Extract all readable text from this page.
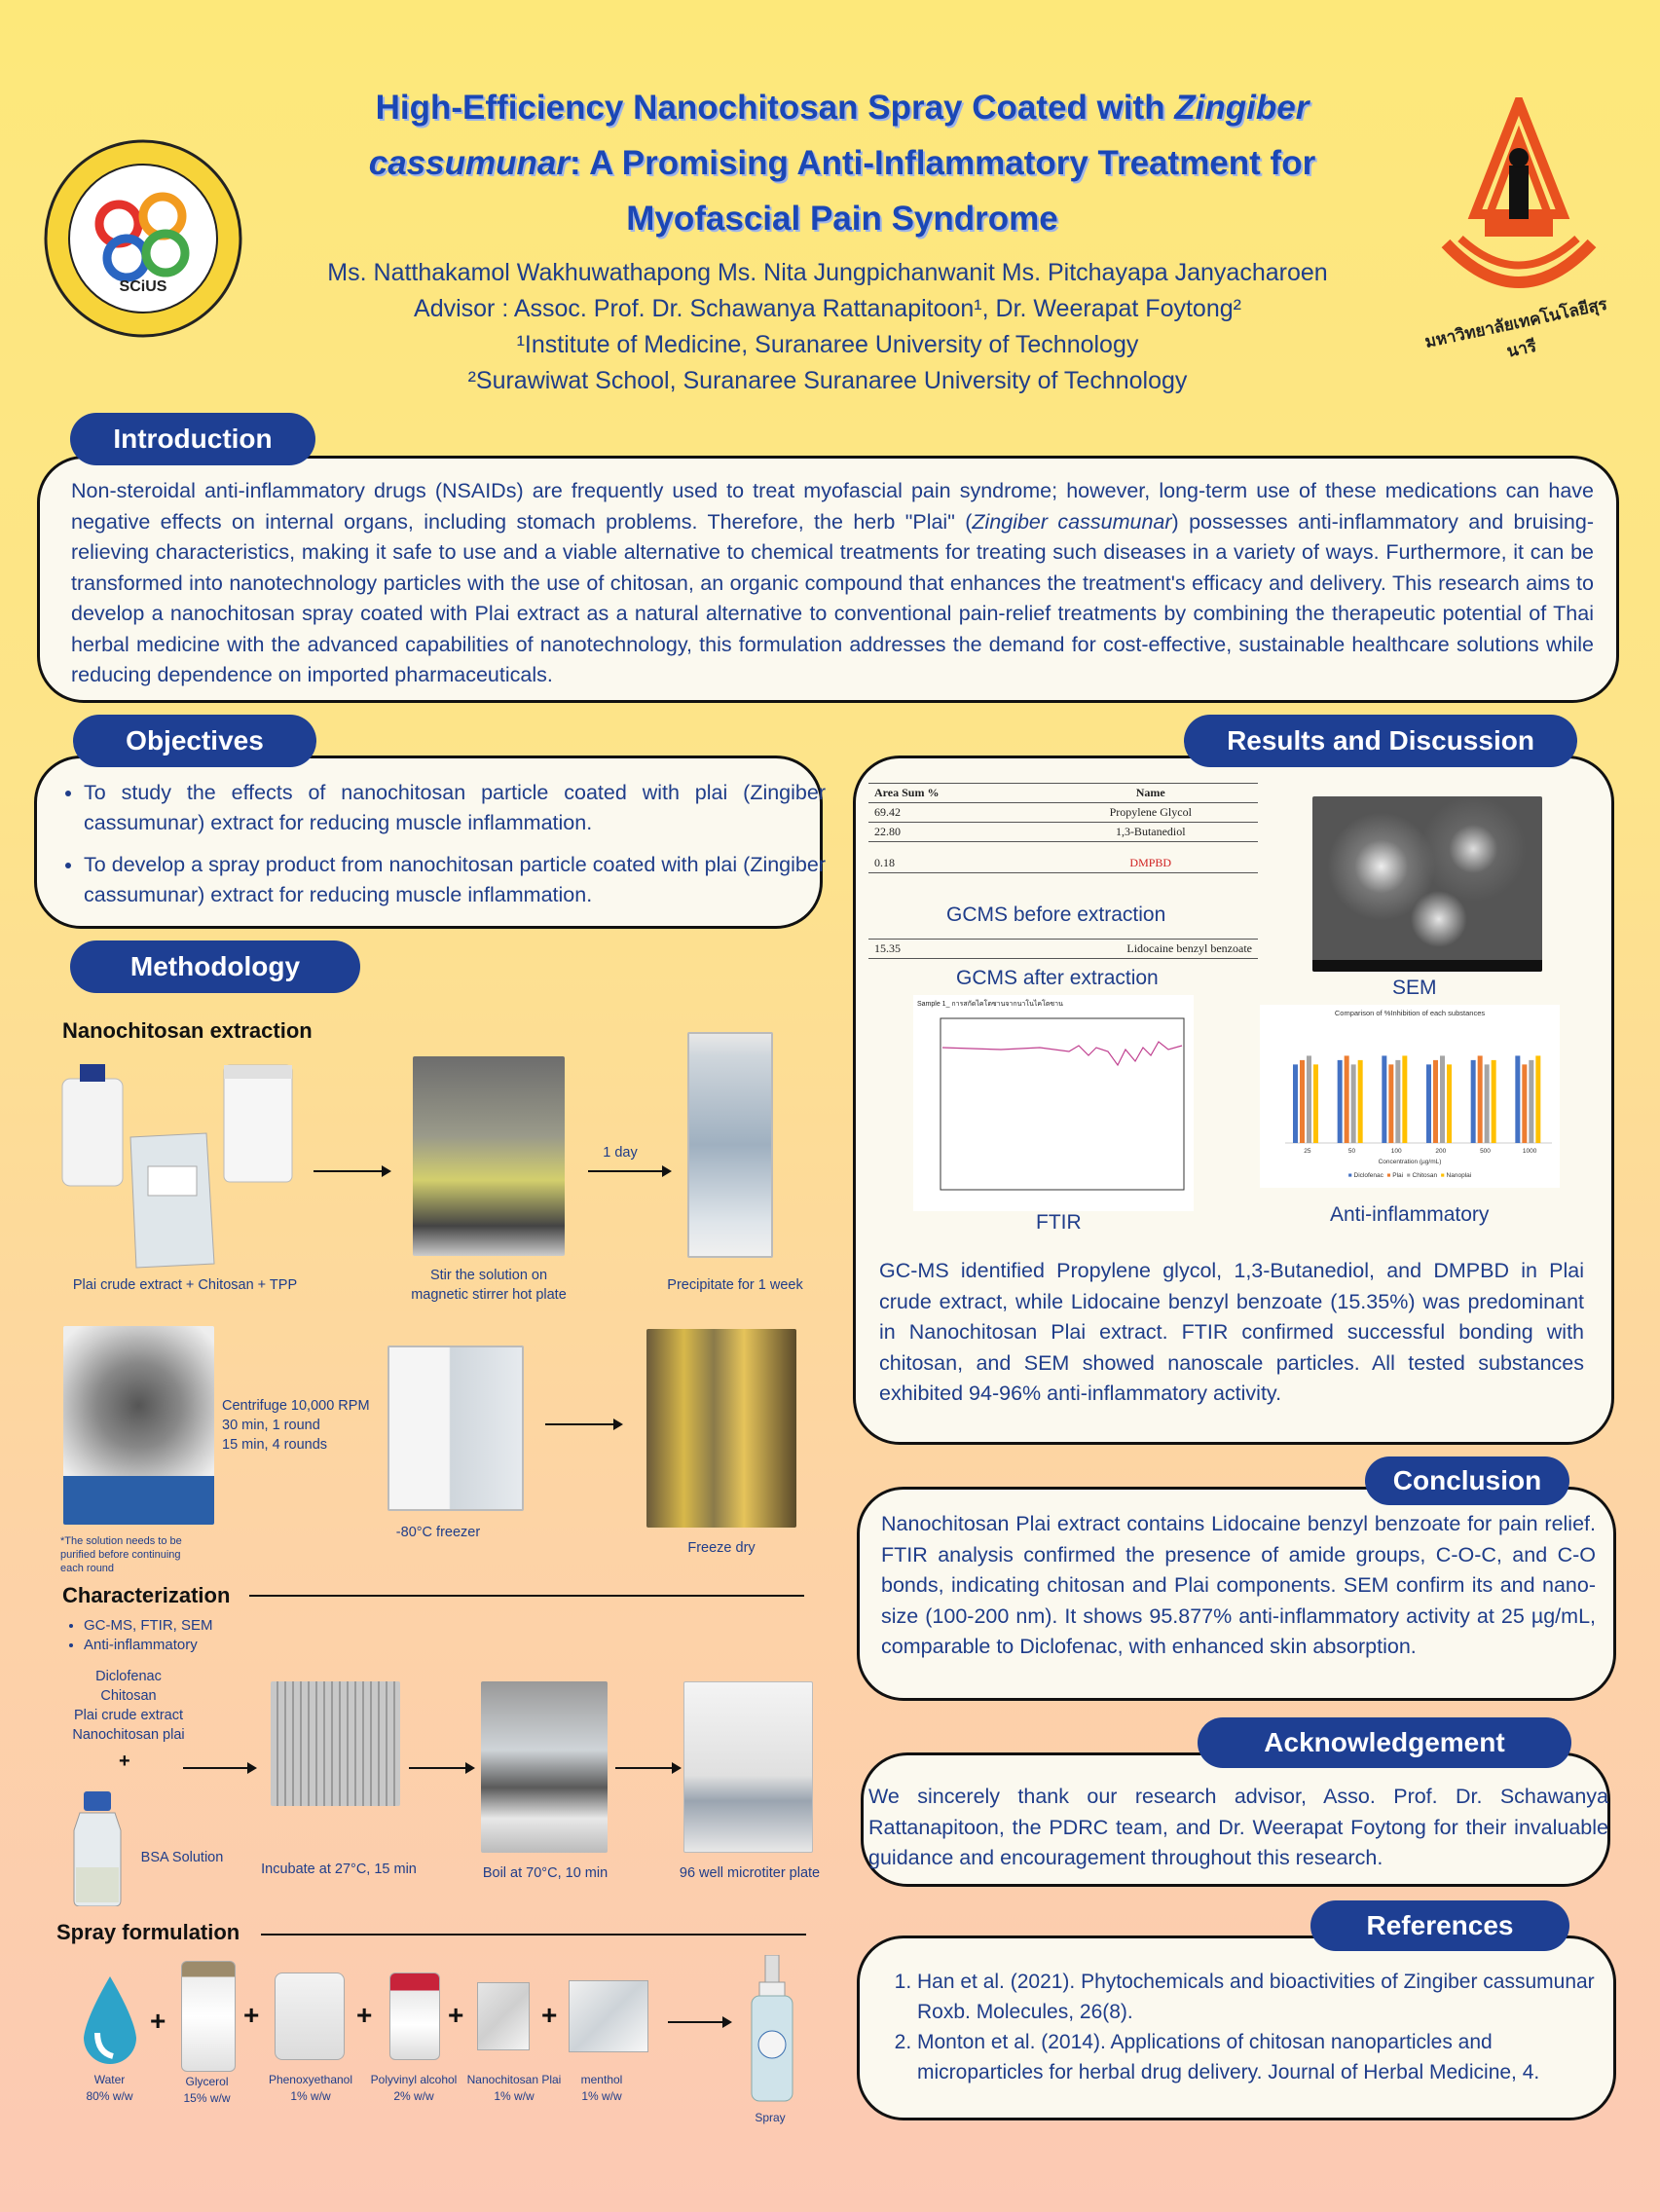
High-Efficiency Nanochitosan Spray Coated with Zingiber
cassumunar: A Promising Anti-Inflammatory Treatment for
Myofascial Pain Syndrome
SCiUS
มหาวิทยาลัยเทคโนโลยีสุรนารี
Ms. Natthakamol Wakhuwathapong Ms. Nita Jungpichanwanit Ms. Pitchayapa Janyacharoen
Advisor : Assoc. Prof. Dr. Schawanya Rattanapitoon¹, Dr. Weerapat Foytong²
¹Institute of Medicine, Suranaree University of Technology
²Surawiwat School, Suranaree Suranaree University of Technology
Non-steroidal anti-inflammatory drugs (NSAIDs) are frequently used to treat myofascial pain syndrome; however, long-term use of these medications can have negative effects on internal organs, including stomach problems. Therefore, the herb "Plai" (Zingiber cassumunar) possesses anti-inflammatory and bruising-relieving characteristics, making it safe to use and a viable alternative to chemical treatments for treating such diseases in a variety of ways. Furthermore, it can be transformed into nanotechnology particles with the use of chitosan, an organic compound that enhances the treatment's efficacy and delivery. This research aims to develop a nanochitosan spray coated with Plai extract as a natural alternative to conventional pain-relief treatments by combining the therapeutic potential of Thai herbal medicine with the advanced capabilities of nanotechnology, this formulation addresses the demand for cost-effective, sustainable healthcare solutions while reducing dependence on imported pharmaceuticals.
Introduction
• To study the effects of nanochitosan particle coated with plai (Zingiber cassumunar) extract for reducing muscle inflammation.
• To develop a spray product from nanochitosan particle coated with plai (Zingiber cassumunar) extract for reducing muscle inflammation.
Objectives
Methodology
Nanochitosan extraction
Plai crude extract + Chitosan + TPP
Stir the solution on magnetic stirrer hot plate
1 day
Precipitate for 1 week
Centrifuge 10,000 RPM
30 min, 1 round
15 min, 4 rounds
*The solution needs to be purified before continuing each round
-80°C freezer
Freeze dry
Characterization
• GC-MS, FTIR, SEM
• Anti-inflammatory
Diclofenac
Chitosan
Plai crude extract
Nanochitosan plai
+
BSA Solution
Incubate at 27°C, 15 min	Boil at 70°C, 10 min	96 well microtiter plate
Spray formulation
+	+	+	+	+
Water
80% w/w
Glycerol
15% w/w
Phenoxyethanol
1% w/w
Polyvinyl alcohol
2% w/w
Nanochitosan Plai
1% w/w
menthol
1% w/w
Spray
Results and Discussion
Area Sum %	Name
69.42	Propylene Glycol
22.80	1,3-Butanediol
0.18	DMPBD
GCMS before extraction
15.35	Lidocaine benzyl benzoate
GCMS after extraction	SEM
Sample 1_ การสกัดไคโตซานจากนาโนไคโตซาน
FTIR
Comparison of %Inhibition of each substances
25	50	100	200	500	1000
Concentration (µg/mL)
■ Diclofenac ■ Plai ■ Chitosan ■ Nanoplai
Anti-inflammatory
GC-MS identified Propylene glycol, 1,3-Butanediol, and DMPBD in Plai crude extract, while Lidocaine benzyl benzoate (15.35%) was predominant in Nanochitosan Plai extract. FTIR confirmed successful bonding with chitosan, and SEM showed nanoscale particles. All tested substances exhibited 94-96% anti-inflammatory activity.
Conclusion
Nanochitosan Plai extract contains Lidocaine benzyl benzoate for pain relief. FTIR analysis confirmed the presence of amide groups, C-O-C, and C-O bonds, indicating chitosan and Plai components. SEM confirm its and nano-size (100-200 nm). It shows 95.877% anti-inflammatory activity at 25 µg/mL, comparable to Diclofenac, with enhanced skin absorption.
Acknowledgement
We sincerely thank our research advisor, Asso. Prof. Dr. Schawanya Rattanapitoon, the PDRC team, and Dr. Weerapat Foytong for their invaluable guidance and encouragement throughout this research.
References
1. Han et al. (2021). Phytochemicals and bioactivities of Zingiber cassumunar Roxb. Molecules, 26(8).
2. Monton et al. (2014). Applications of chitosan nanoparticles and microparticles for herbal drug delivery. Journal of Herbal Medicine, 4.
